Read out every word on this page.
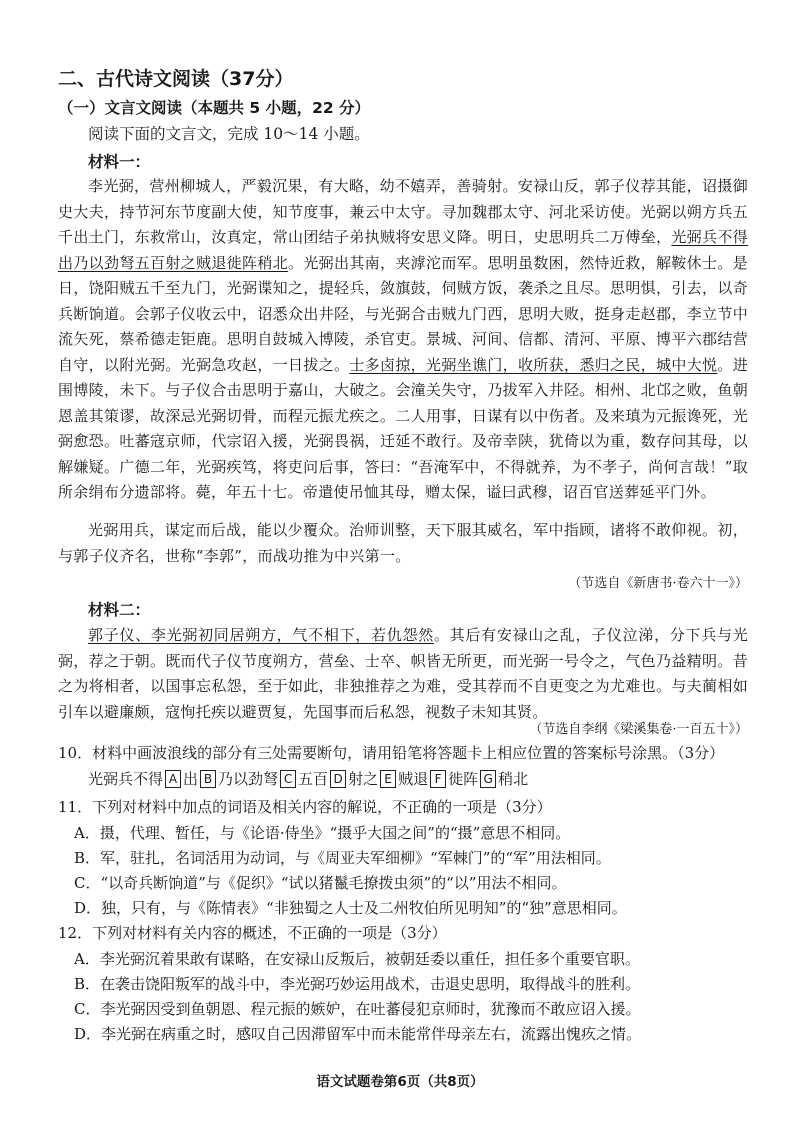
二、古代诗文阅读（37分）
（一）文言文阅读（本题共 5 小题，22 分）
阅读下面的文言文，完成 10～14 小题。
材料一：
李光弼，营州柳城人，严毅沉果，有大略，幼不嬉弄，善骑射。安禄山反，郭子仪荐其能，诏摄御史大夫，持节河东节度副大使，知节度事，兼云中太守。寻加魏郡太守、河北采访使。光弼以朔方兵五千出土门，东救常山，汝真定，常山团结子弟执贼将安思义降。明日，史思明兵二万傅垒，光弼兵不得出乃以劲弩五百射之贼退徙阵稍北。光弼出其南，夹滹沱而军。思明虽数困，然恃近救，解鞍休士。是日，饶阳贼五千至九门，光弼谍知之，提轻兵，敛旗鼓，伺贼方饭，袭杀之且尽。思明惧，引去，以奇兵断饷道。会郭子仪收云中，诏悉众出井陉，与光弼合击贼九门西，思明大败，挺身走赵郡，李立节中流矢死，蔡希德走钜鹿。思明自鼓城入博陵，杀官吏。景城、河间、信都、清河、平原、博平六郡结营自守，以附光弼。光弼急攻赵，一日拔之。士多卤掠，光弼坐谯门，收所获，悉归之民，城中大悦。进围博陵，未下。与子仪合击思明于嘉山，大破之。会潼关失守，乃拔军入井陉。相州、北邙之败，鱼朝恩盖其策谬，故深忌光弼切骨，而程元振尤疾之。二人用事，日谋有以中伤者。及来瑱为元振谗死，光弼愈恐。吐蕃寇京师，代宗诏入援，光弼畏祸，迁延不敢行。及帝幸陕，犹倚以为重，数存问其母，以解嫌疑。广德二年，光弼疾笃，将吏问后事，答曰：“吾淹军中，不得就养，为不孝子，尚何言哉！”取所余绢布分遗部将。薨，年五十七。帝遣使吊恤其母，赠太保，谥曰武穆，诏百官送葬延平门外。
光弼用兵，谋定而后战，能以少覆众。治师训整，天下服其威名，军中指顾，诸将不敢仰视。初，与郭子仪齐名，世称“李郭”，而战功推为中兴第一。
（节选自《新唐书·卷六十一》）
材料二：
郭子仪、李光弼初同居朔方，气不相下，若仇怨然。其后有安禄山之乱，子仪泣涕，分下兵与光弼，荐之于朝。既而代子仪节度朔方，营垒、士卒、帜皆无所更，而光弼一号令之，气色乃益精明。昔之为将相者，以国事忘私怨，至于如此，非独推荐之为难，受其荐而不自更变之为尤难也。与夫蔺相如引车以避廉颇，寇恂托疾以避贾复，先国事而后私怨，视数子未知其贤。
（节选自李纲《梁溪集卷·一百五十》）
10．材料中画波浪线的部分有三处需要断句，请用铅笔将答题卡上相应位置的答案标号涂黑。（3分）
光弼兵不得 A 出 B 乃以劲弩 C 五百 D 射之 E 贼退 F 徙阵 G 稍北
11．下列对材料中加点的词语及相关内容的解说，不正确的一项是（3分）
A．摄，代理、暂任，与《论语·侍坐》“摄乎大国之间”的“摄”意思不相同。
B．军，驻扎，名词活用为动词，与《周亚夫军细柳》“军棘门”的“军”用法相同。
C．“以奇兵断饷道”与《促织》“试以猪鬣毛撩拨虫须”的“以”用法不相同。
D．独，只有，与《陈情表》“非独蜀之人士及二州牧伯所见明知”的“独”意思相同。
12．下列对材料有关内容的概述，不正确的一项是（3分）
A．李光弼沉着果敢有谋略，在安禄山反叛后，被朝廷委以重任，担任多个重要官职。
B．在袭击饶阳叛军的战斗中，李光弼巧妙运用战术，击退史思明，取得战斗的胜利。
C．李光弼因受到鱼朝恩、程元振的嫉妒，在吐蕃侵犯京师时，犹豫而不敢应诏入援。
D．李光弼在病重之时，感叹自己因滞留军中而未能常伴母亲左右，流露出愧疚之情。
语文试题卷第6页（共8页）
